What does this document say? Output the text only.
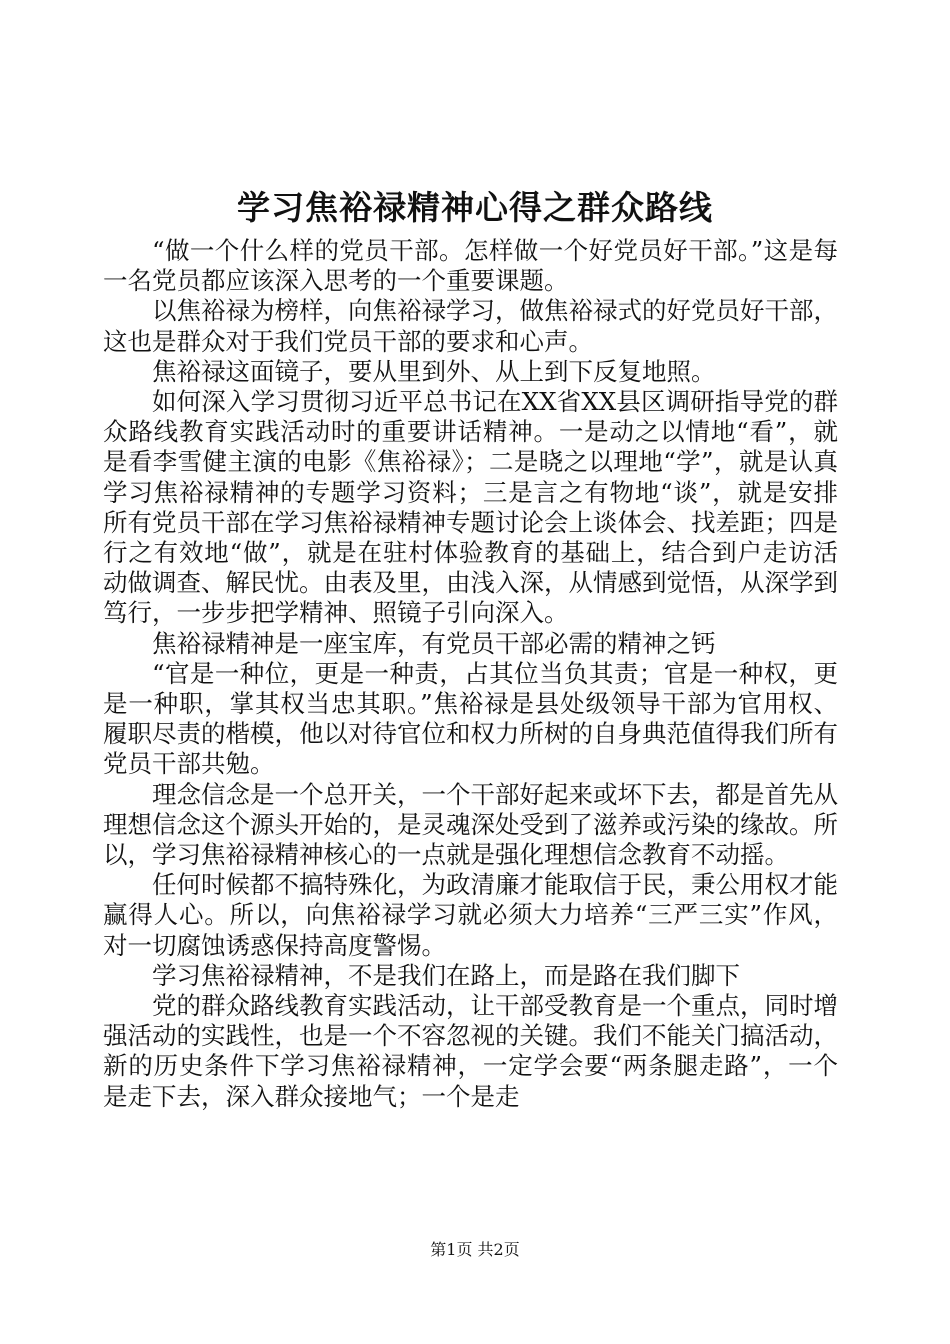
学习焦裕禄精神心得之群众路线

“做一个什么样的党员干部。怎样做一个好党员好干部。”这是每一名党员都应该深入思考的一个重要课题。

以焦裕禄为榜样，向焦裕禄学习，做焦裕禄式的好党员好干部，这也是群众对于我们党员干部的要求和心声。

焦裕禄这面镜子，要从里到外、从上到下反复地照。

如何深入学习贯彻习近平总书记在XX省XX县区调研指导党的群众路线教育实践活动时的重要讲话精神。一是动之以情地“看”，就是看李雪健主演的电影《焦裕禄》；二是晓之以理地“学”，就是认真学习焦裕禄精神的专题学习资料；三是言之有物地“谈”，就是安排所有党员干部在学习焦裕禄精神专题讨论会上谈体会、找差距；四是行之有效地“做”，就是在驻村体验教育的基础上，结合到户走访活动做调查、解民忧。由表及里，由浅入深，从情感到觉悟，从深学到笃行，一步步把学精神、照镜子引向深入。

焦裕禄精神是一座宝库，有党员干部必需的精神之钙

“官是一种位，更是一种责，占其位当负其责；官是一种权，更是一种职，掌其权当忠其职。”焦裕禄是县处级领导干部为官用权、履职尽责的楷模，他以对待官位和权力所树的自身典范值得我们所有党员干部共勉。

理念信念是一个总开关，一个干部好起来或坏下去，都是首先从理想信念这个源头开始的，是灵魂深处受到了滋养或污染的缘故。所以，学习焦裕禄精神核心的一点就是强化理想信念教育不动摇。

任何时候都不搞特殊化，为政清廉才能取信于民，秉公用权才能赢得人心。所以，向焦裕禄学习就必须大力培养“三严三实”作风，对一切腐蚀诱惑保持高度警惕。

学习焦裕禄精神，不是我们在路上，而是路在我们脚下

党的群众路线教育实践活动，让干部受教育是一个重点，同时增强活动的实践性，也是一个不容忽视的关键。我们不能关门搞活动，新的历史条件下学习焦裕禄精神，一定学会要“两条腿走路”，一个是走下去，深入群众接地气；一个是走

第1页 共2页
